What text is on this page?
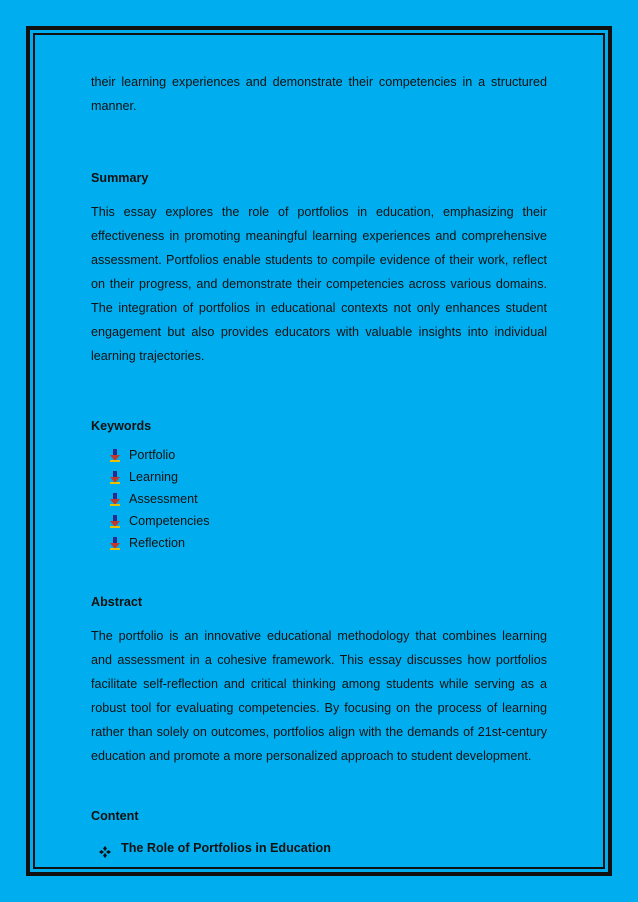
their learning experiences and demonstrate their competencies in a structured manner.

Summary

This essay explores the role of portfolios in education, emphasizing their effectiveness in promoting meaningful learning experiences and comprehensive assessment. Portfolios enable students to compile evidence of their work, reflect on their progress, and demonstrate their competencies across various domains. The integration of portfolios in educational contexts not only enhances student engagement but also provides educators with valuable insights into individual learning trajectories.

Keywords

Portfolio
Learning
Assessment
Competencies
Reflection

Abstract

The portfolio is an innovative educational methodology that combines learning and assessment in a cohesive framework. This essay discusses how portfolios facilitate self-reflection and critical thinking among students while serving as a robust tool for evaluating competencies. By focusing on the process of learning rather than solely on outcomes, portfolios align with the demands of 21st-century education and promote a more personalized approach to student development.

Content

The Role of Portfolios in Education
